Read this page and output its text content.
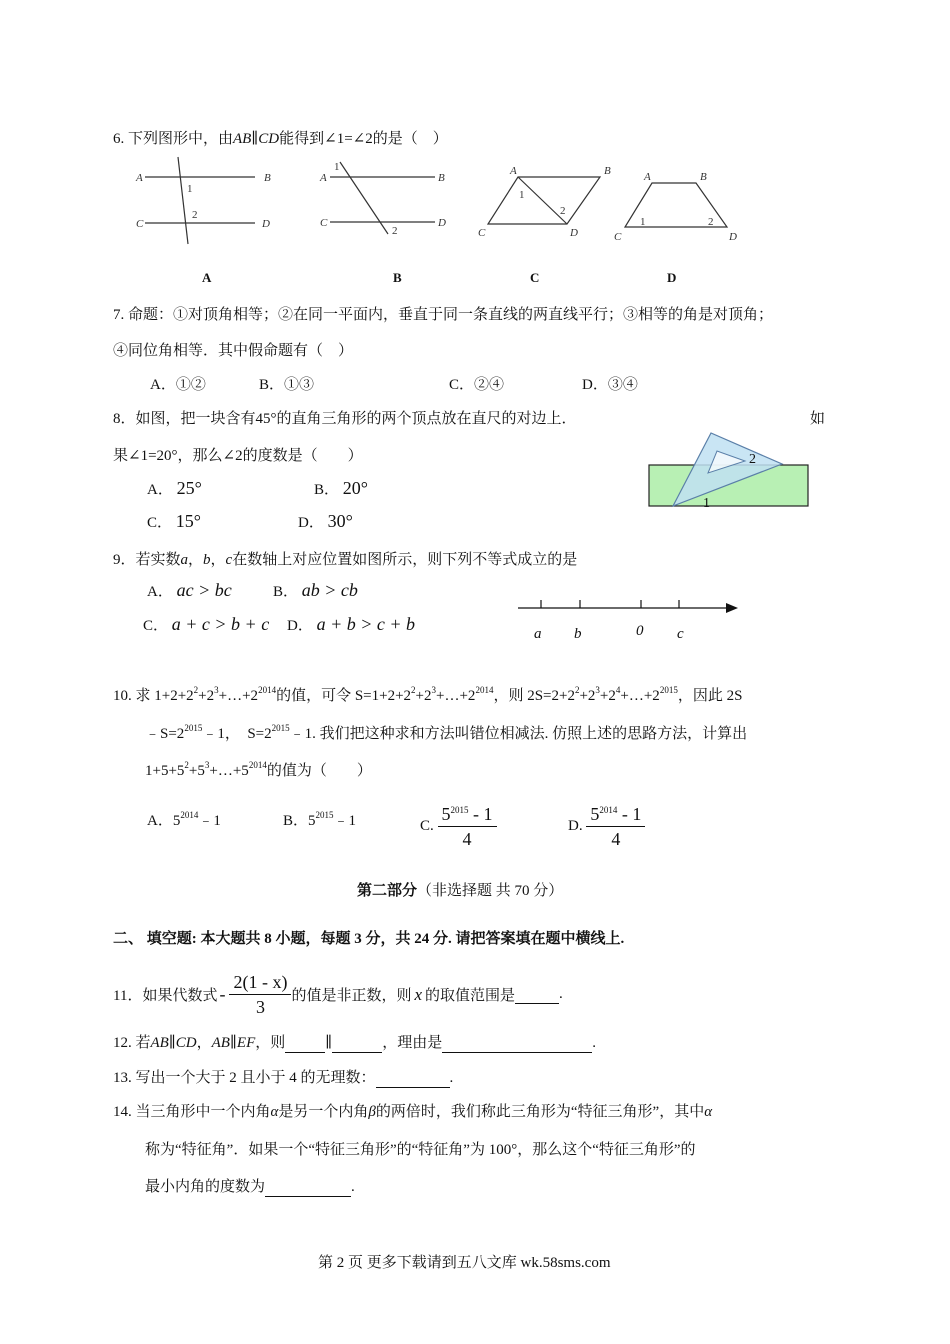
6. 下列图形中，由AB∥CD能得到∠1=∠2的是（　）
A	B
C	D
1
2
A	B
C	D
1
2
A	B
C	D
1
2
A	B
C	D
1	2
A	B	C	D
7. 命题：①对顶角相等；②在同一平面内，垂直于同一条直线的两直线平行；③相等的角是对顶角；
④同位角相等．其中假命题有（　）
A．①②	B．①③	C．②④	D．③④
8．如图，把一块含有45°的直角三角形的两个顶点放在直尺的对边上．	如
果∠1=20°，那么∠2的度数是（　　）
A． 25°	B． 20°
C． 15°	D． 30°
2
1
9．若实数a，b，c在数轴上对应位置如图所示，则下列不等式成立的是
A． ac > bc	B． ab > cb
C． a + c > b + c D． a + b > c + b	a b	0 c
10. 求 $1+2+2^2+2^3+\dots+2^{2014}$的值，可令 $S=1+2+2^2+2^3+\dots+2^{2014}$，则 $2S=2+2^2+2^3+2^4+\dots+2^{2015}$，因此 2S
$﹣S=2^{2015}﹣1$，　$S=2^{2015}﹣1$. 我们把这种求和方法叫错位相减法. 仿照上述的思路方法，计算出
$1+5+5^2+5^3+\dots+5^{2014}$的值为（　　）
A．$5^{2014}﹣1$	B．$5^{2015}﹣1$	C. $\frac{5^{2015} - 1}{4}$	D. $\frac{5^{2014} - 1}{4}$
第二部分（非选择题 共 70 分）
二、 填空题: 本大题共 8 小题，每题 3 分，共 24 分. 请把答案填在题中横线上.
11．如果代数式 - $\frac{2(1 - x)}{3}$ 的值是非正数，则 x 的取值范围是	.
12. 若AB∥CD，AB∥EF，则	∥	，理由是	.
13. 写出一个大于 2 且小于 4 的无理数：	.
14. 当三角形中一个内角α是另一个内角β的两倍时，我们称此三角形为“特征三角形”，其中α
称为“特征角”．如果一个“特征三角形”的“特征角”为 100°，那么这个“特征三角形”的
最小内角的度数为	.
第 2 页 更多下载请到五八文库 wk.58sms.com
